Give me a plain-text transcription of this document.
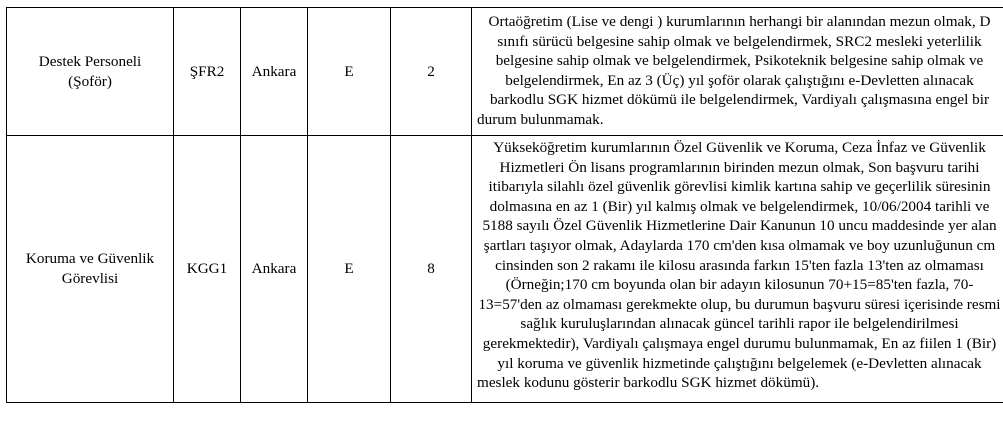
Destek Personeli (Şoför)	ŞFR2	Ankara	E	2	Ortaöğretim (Lise ve dengi ) kurumlarının herhangi bir alanından mezun olmak, D sınıfı sürücü belgesine sahip olmak ve belgelendirmek, SRC2 mesleki yeterlilik belgesine sahip olmak ve belgelendirmek, Psikoteknik belgesine sahip olmak ve belgelendirmek, En az 3 (Üç) yıl şoför olarak çalıştığını e-Devletten alınacak barkodlu SGK hizmet dökümü ile belgelendirmek, Vardiyalı çalışmasına engel bir durum bulunmamak.
Koruma ve Güvenlik Görevlisi	KGG1	Ankara	E	8	Yükseköğretim kurumlarının Özel Güvenlik ve Koruma, Ceza İnfaz ve Güvenlik Hizmetleri Ön lisans programlarının birinden mezun olmak, Son başvuru tarihi itibarıyla silahlı özel güvenlik görevlisi kimlik kartına sahip ve geçerlilik süresinin dolmasına en az 1 (Bir) yıl kalmış olmak ve belgelendirmek, 10/06/2004 tarihli ve 5188 sayılı Özel Güvenlik Hizmetlerine Dair Kanunun 10 uncu maddesinde yer alan şartları taşıyor olmak, Adaylarda 170 cm'den kısa olmamak ve boy uzunluğunun cm cinsinden son 2 rakamı ile kilosu arasında farkın 15'ten fazla 13'ten az olmaması (Örneğin;170 cm boyunda olan bir adayın kilosunun 70+15=85'ten fazla, 70-13=57'den az olmaması gerekmekte olup, bu durumun başvuru süresi içerisinde resmi sağlık kuruluşlarından alınacak güncel tarihli rapor ile belgelendirilmesi gerekmektedir), Vardiyalı çalışmaya engel durumu bulunmamak, En az fiilen 1 (Bir) yıl koruma ve güvenlik hizmetinde çalıştığını belgelemek (e-Devletten alınacak meslek kodunu gösterir barkodlu SGK hizmet dökümü).
